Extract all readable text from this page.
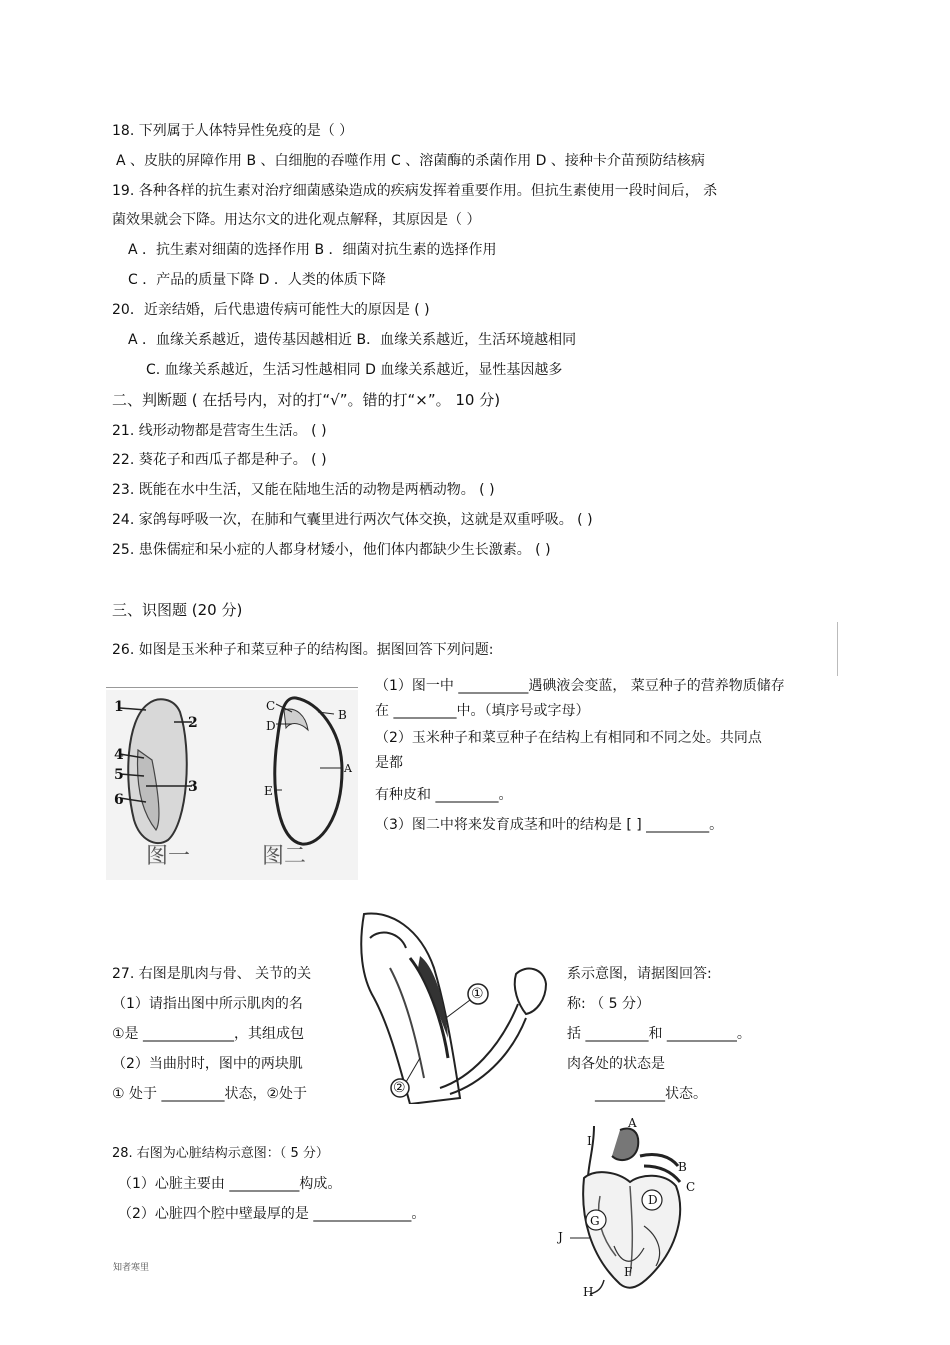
18. 下列属于人体特异性免疫的是（ ）
A 、皮肤的屏障作用 B 、白细胞的吞噬作用 C 、溶菌酶的杀菌作用 D 、接种卡介苗预防结核病
19. 各种各样的抗生素对治疗细菌感染造成的疾病发挥着重要作用。但抗生素使用一段时间后， 杀
菌效果就会下降。用达尔文的进化观点解释，其原因是（ ）
A ．抗生素对细菌的选择作用 B ．细菌对抗生素的选择作用
C ．产品的质量下降 D ．人类的体质下降
20．近亲结婚，后代患遗传病可能性大的原因是 ( )
A ．血缘关系越近，遗传基因越相近 B．血缘关系越近，生活环境越相同
C. 血缘关系越近，生活习性越相同 D 血缘关系越近，显性基因越多
二、判断题 ( 在括号内，对的打“√”。错的打“×”。 10 分)
21. 线形动物都是营寄生生活。 ( )
22. 葵花子和西瓜子都是种子。 ( )
23. 既能在水中生活，又能在陆地生活的动物是两栖动物。 ( )
24. 家鸽每呼吸一次，在肺和气囊里进行两次气体交换，这就是双重呼吸。 ( )
25. 患侏儒症和呆小症的人都身材矮小，他们体内都缺少生长激素。 ( )
三、识图题 (20 分)
26. 如图是玉米种子和菜豆种子的结构图。据图回答下列问题:
1
2
4
5
3
6
C
D
B
A
E
图一	图二
（1）图一中 __________遇碘液会变蓝， 菜豆种子的营养物质储存
在 _________中。（填序号或字母）
（2）玉米种子和菜豆种子在结构上有相同和不同之处。共同点
是都
有种皮和 _________。
（3）图二中将来发育成茎和叶的结构是 [ ] _________。
①
②
27. 右图是肌肉与骨、 关节的关	系示意图，请据图回答:
（1）请指出图中所示肌肉的名	称: （ 5 分）
①是 _____________，其组成包	括 _________和 __________。
（2）当曲肘时，图中的两块肌	肉各处的状态是
① 处于 _________状态，②处于	__________状态。
28. 右图为心脏结构示意图：（ 5 分）
（1）心脏主要由 __________构成。
（2）心脏四个腔中壁最厚的是 ______________。
A
I
B
C
D
G
J
F
H
知者寒里
